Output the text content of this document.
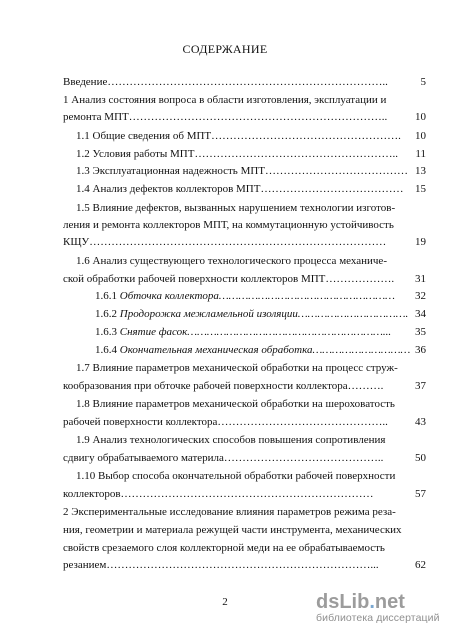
СОДЕРЖАНИЕ
Введение…………………………………………………………………..	5
1 Анализ состояния вопроса в области изготовления, эксплуатации и
ремонта МПТ……………………………………………………………..	10
1.1 Общие сведения об МПТ…………………………………………….	10
1.2 Условия работы МПТ………………………………………………..	11
1.3 Эксплуатационная надежность МПТ………………………………… 13
1.4 Анализ дефектов коллекторов МПТ…………………………………	15
1.5 Влияние дефектов, вызванных нарушением технологии изготов-
ления и ремонта коллекторов МПТ, на коммутационную устойчивость
КЩУ………………………………………………………………………	19
1.6 Анализ существующего технологического процесса механиче-
ской обработки рабочей поверхности коллекторов МПТ……………….	31
1.6.1 Обточка коллектора………………………………………………	32
1.6.2 Продорожка межламельной изоляции……………………………. 34
1.6.3 Снятие фасок……………………………………………………...	35
1.6.4 Окончательная механическая обработка………………………… 36
1.7 Влияние параметров механической обработки на процесс струж-
кообразования при обточке рабочей поверхности коллектора……….	37
1.8 Влияние параметров механической обработки на шероховатость
рабочей поверхности коллектора………………………………………..	43
1.9 Анализ технологических способов повышения сопротивления
сдвигу обрабатываемого материла……………………………………..	50
1.10 Выбор способа окончательной обработки рабочей поверхности
коллекторов……………………………………………………………	57
2 Экспериментальные исследование влияния параметров режима реза-
ния, геометрии и материала режущей части инструмента, механических
свойств срезаемого слоя коллекторной меди на ее обрабатываемость
резанием………………………………………………………………...	62
2	dsLib.net
библиотека диссертаций
